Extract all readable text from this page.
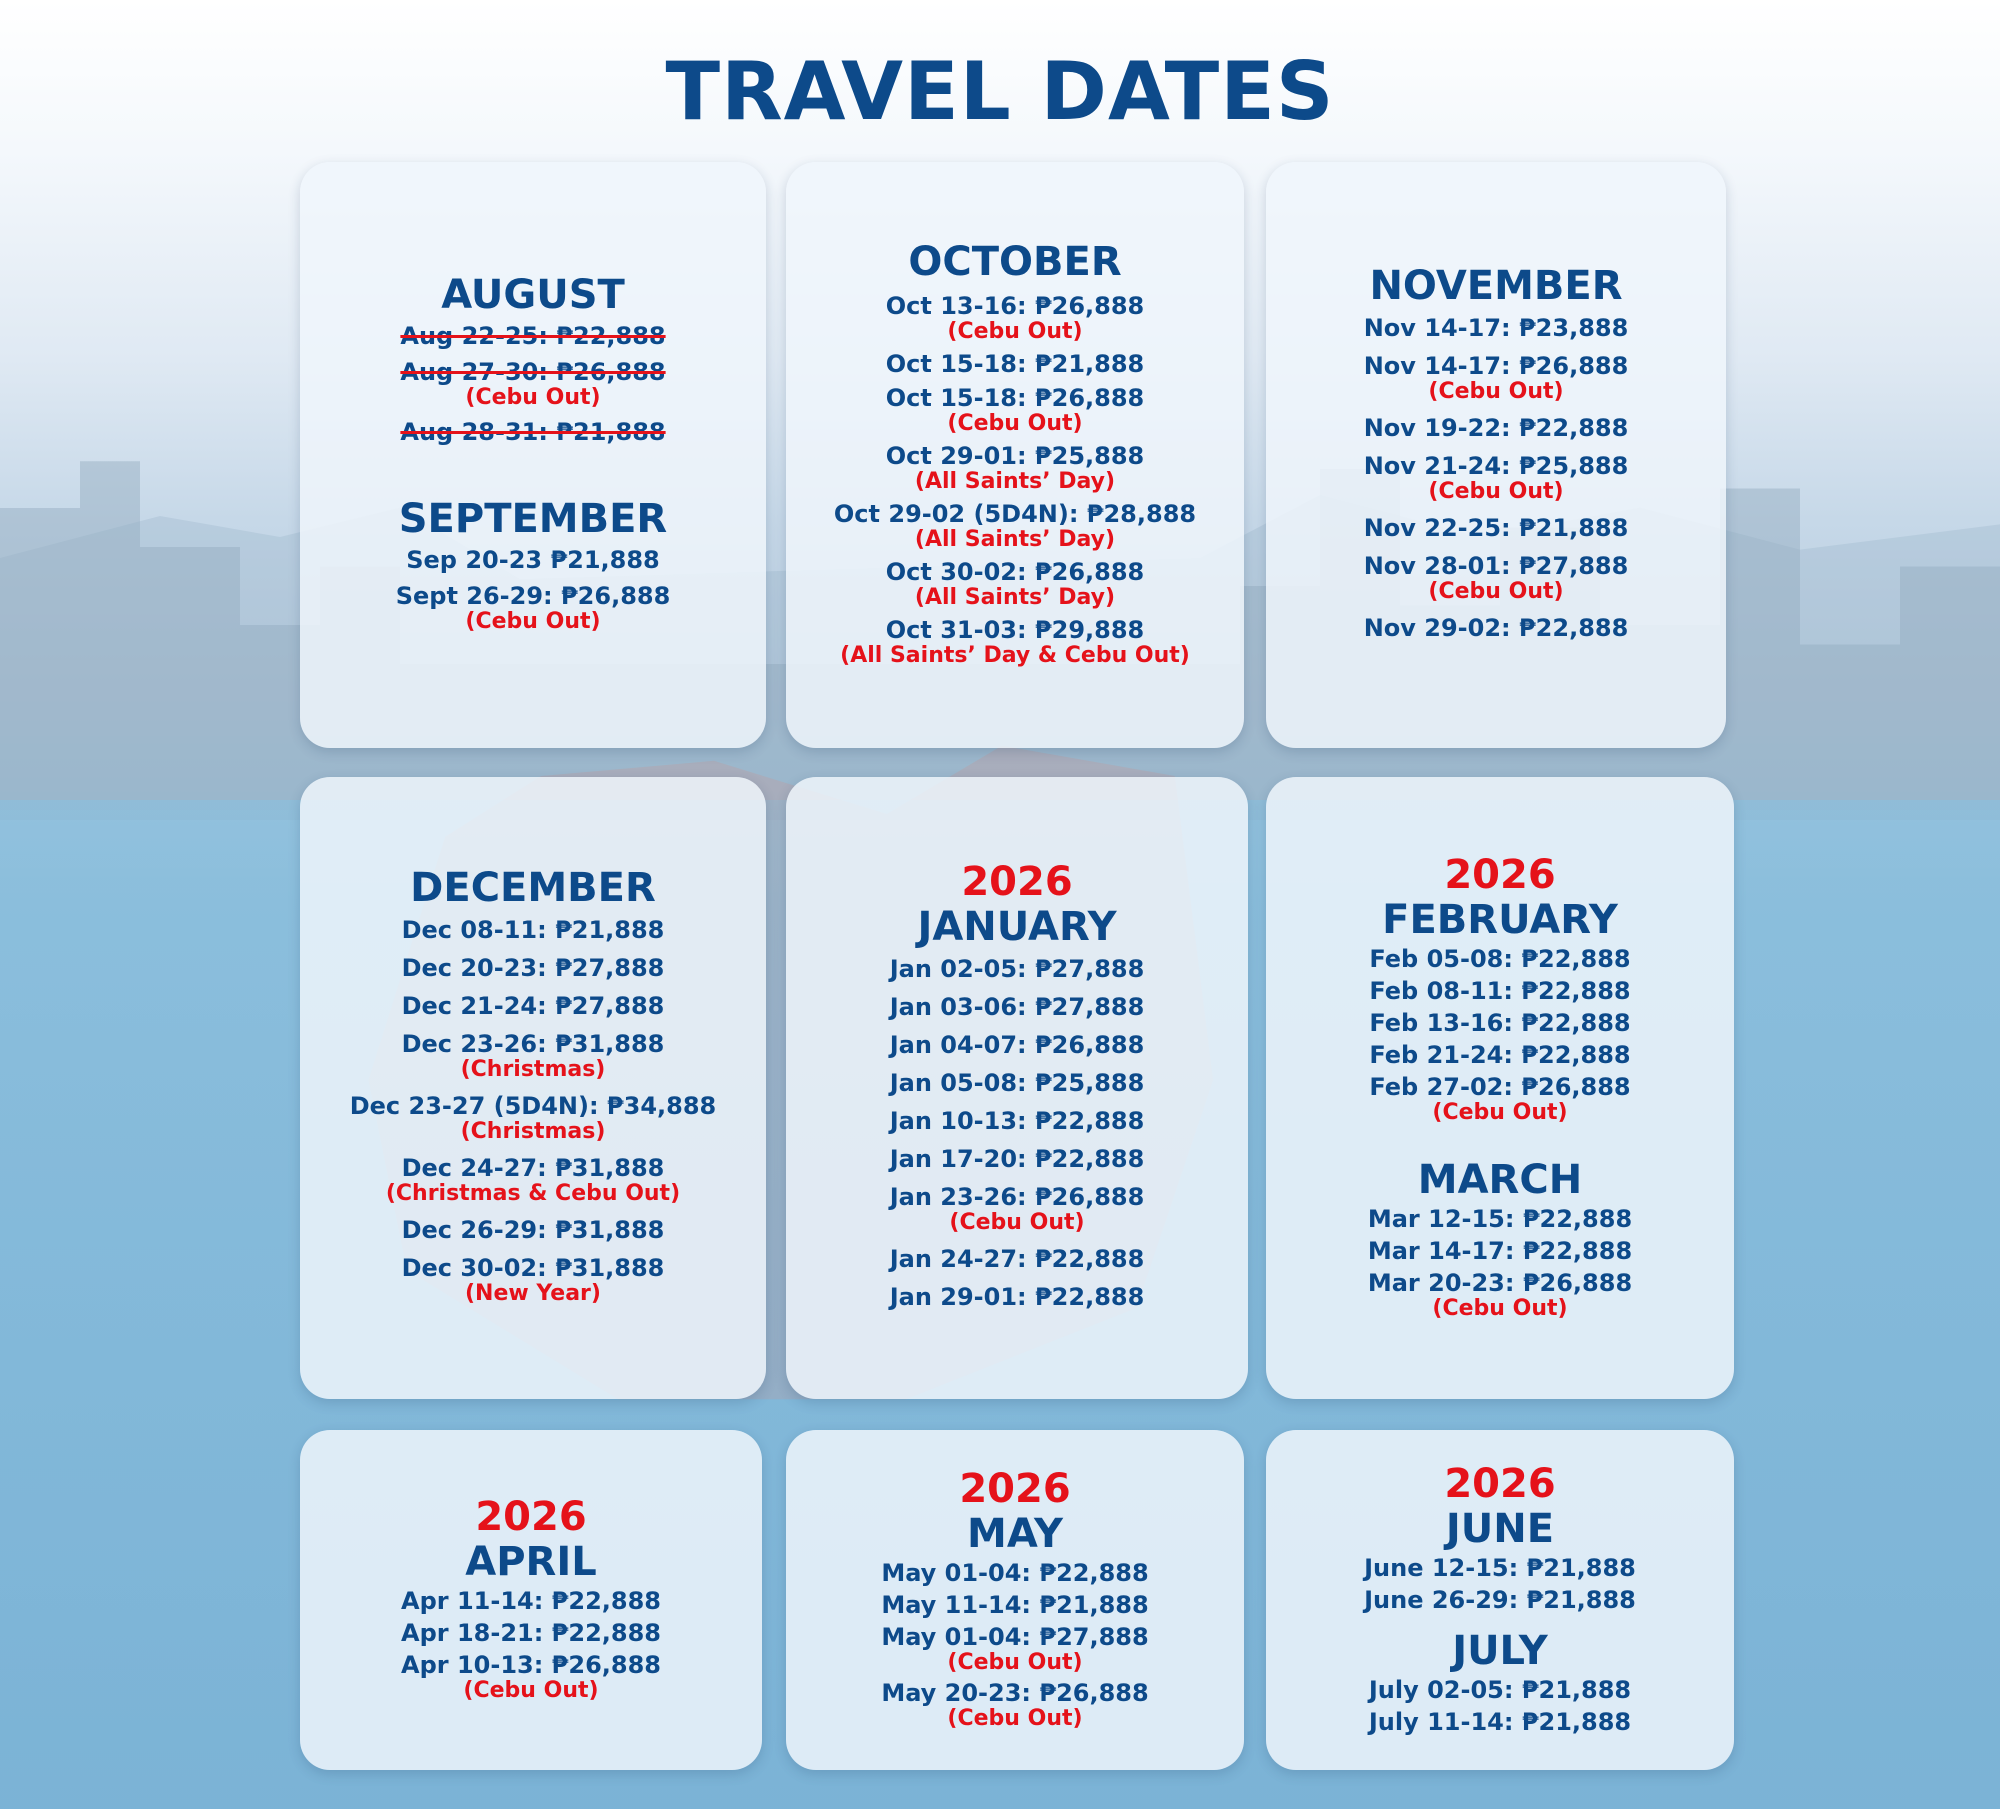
TRAVEL DATES
AUGUST
Aug 22-25: ₱22,888
Aug 27-30: ₱26,888
(Cebu Out)
Aug 28-31: ₱21,888
SEPTEMBER
Sep 20-23 ₱21,888
Sept 26-29: ₱26,888
(Cebu Out)
OCTOBER
Oct 13-16: ₱26,888
(Cebu Out)
Oct 15-18: ₱21,888
Oct 15-18: ₱26,888
(Cebu Out)
Oct 29-01: ₱25,888
(All Saints’ Day)
Oct 29-02 (5D4N): ₱28,888
(All Saints’ Day)
Oct 30-02: ₱26,888
(All Saints’ Day)
Oct 31-03: ₱29,888
(All Saints’ Day & Cebu Out)
NOVEMBER
Nov 14-17: ₱23,888
Nov 14-17: ₱26,888
(Cebu Out)
Nov 19-22: ₱22,888
Nov 21-24: ₱25,888
(Cebu Out)
Nov 22-25: ₱21,888
Nov 28-01: ₱27,888
(Cebu Out)
Nov 29-02: ₱22,888
DECEMBER
Dec 08-11: ₱21,888
Dec 20-23: ₱27,888
Dec 21-24: ₱27,888
Dec 23-26: ₱31,888
(Christmas)
Dec 23-27 (5D4N): ₱34,888
(Christmas)
Dec 24-27: ₱31,888
(Christmas & Cebu Out)
Dec 26-29: ₱31,888
Dec 30-02: ₱31,888
(New Year)
2026
JANUARY
Jan 02-05: ₱27,888
Jan 03-06: ₱27,888
Jan 04-07: ₱26,888
Jan 05-08: ₱25,888
Jan 10-13: ₱22,888
Jan 17-20: ₱22,888
Jan 23-26: ₱26,888
(Cebu Out)
Jan 24-27: ₱22,888
Jan 29-01: ₱22,888
2026
FEBRUARY
Feb 05-08: ₱22,888
Feb 08-11: ₱22,888
Feb 13-16: ₱22,888
Feb 21-24: ₱22,888
Feb 27-02: ₱26,888
(Cebu Out)
MARCH
Mar 12-15: ₱22,888
Mar 14-17: ₱22,888
Mar 20-23: ₱26,888
(Cebu Out)
2026
APRIL
Apr 11-14: ₱22,888
Apr 18-21: ₱22,888
Apr 10-13: ₱26,888
(Cebu Out)
2026
MAY
May 01-04: ₱22,888
May 11-14: ₱21,888
May 01-04: ₱27,888
(Cebu Out)
May 20-23: ₱26,888
(Cebu Out)
2026
JUNE
June 12-15: ₱21,888
June 26-29: ₱21,888
JULY
July 02-05: ₱21,888
July 11-14: ₱21,888
